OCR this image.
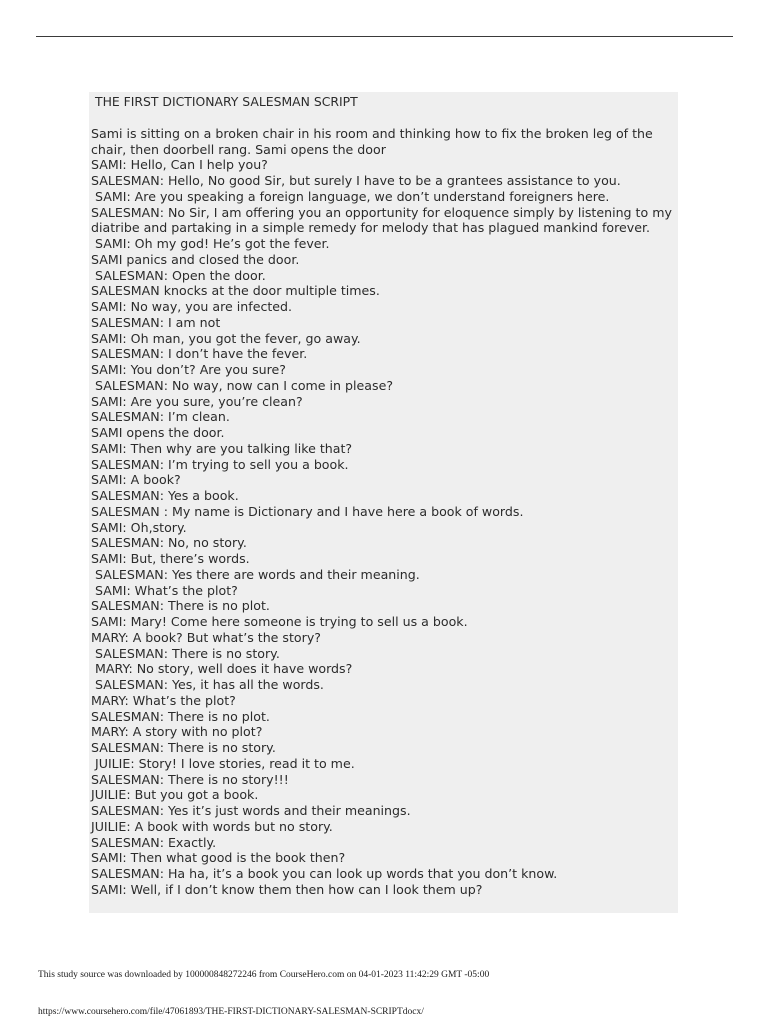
THE FIRST DICTIONARY SALESMAN SCRIPT
Sami is sitting on a broken chair in his room and thinking how to fix the broken leg of the chair, then doorbell rang. Sami opens the door
SAMI: Hello, Can I help you?
SALESMAN: Hello, No good Sir, but surely I have to be a grantees assistance to you.
SAMI: Are you speaking a foreign language, we don’t understand foreigners here.
SALESMAN: No Sir, I am offering you an opportunity for eloquence simply by listening to my diatribe and partaking in a simple remedy for melody that has plagued mankind forever.
SAMI: Oh my god! He’s got the fever.
SAMI panics and closed the door.
SALESMAN: Open the door.
SALESMAN knocks at the door multiple times.
SAMI: No way, you are infected.
SALESMAN: I am not
SAMI: Oh man, you got the fever, go away.
SALESMAN: I don’t have the fever.
SAMI: You don’t? Are you sure?
SALESMAN: No way, now can I come in please?
SAMI: Are you sure, you’re clean?
SALESMAN: I’m clean.
SAMI opens the door.
SAMI: Then why are you talking like that?
SALESMAN: I’m trying to sell you a book.
SAMI: A book?
SALESMAN: Yes a book.
SALESMAN : My name is Dictionary and I have here a book of words.
SAMI: Oh,story.
SALESMAN: No, no story.
SAMI: But, there’s words.
SALESMAN: Yes there are words and their meaning.
SAMI: What’s the plot?
SALESMAN: There is no plot.
SAMI: Mary! Come here someone is trying to sell us a book.
MARY: A book? But what’s the story?
SALESMAN: There is no story.
MARY: No story, well does it have words?
SALESMAN: Yes, it has all the words.
MARY: What’s the plot?
SALESMAN: There is no plot.
MARY: A story with no plot?
SALESMAN: There is no story.
JUILIE: Story! I love stories, read it to me.
SALESMAN: There is no story!!!
JUILIE: But you got a book.
SALESMAN: Yes it’s just words and their meanings.
JUILIE: A book with words but no story.
SALESMAN: Exactly.
SAMI: Then what good is the book then?
SALESMAN: Ha ha, it’s a book you can look up words that you don’t know.
SAMI: Well, if I don’t know them then how can I look them up?
This study source was downloaded by 100000848272246 from CourseHero.com on 04-01-2023 11:42:29 GMT -05:00
https://www.coursehero.com/file/47061893/THE-FIRST-DICTIONARY-SALESMAN-SCRIPTdocx/
